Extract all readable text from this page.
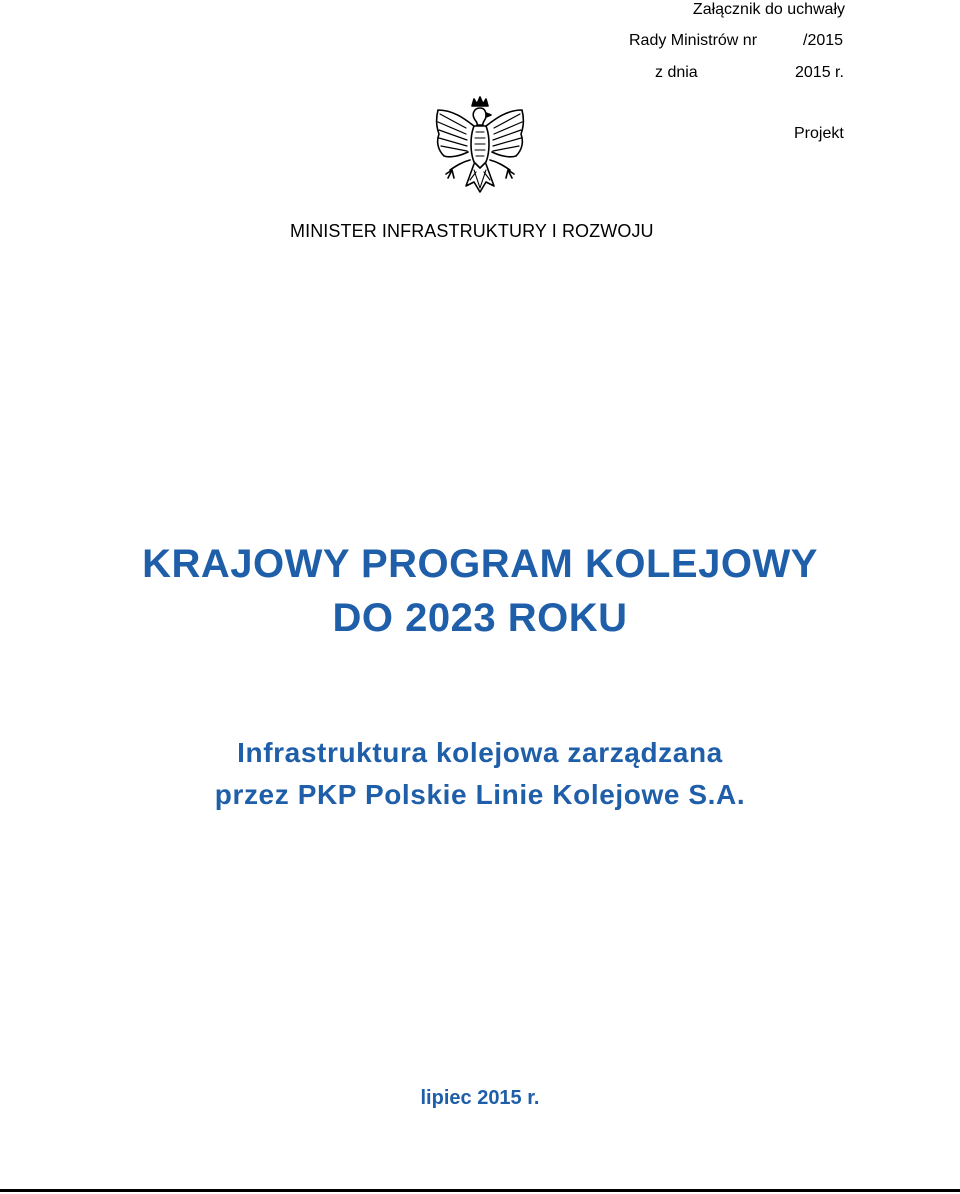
Załącznik do uchwały
Rady Ministrów nr	/2015
z dnia	2015 r.
Projekt
MINISTER INFRASTRUKTURY I ROZWOJU
KRAJOWY PROGRAM KOLEJOWY
DO 2023 ROKU
Infrastruktura kolejowa zarządzana
przez PKP Polskie Linie Kolejowe S.A.
lipiec 2015 r.
